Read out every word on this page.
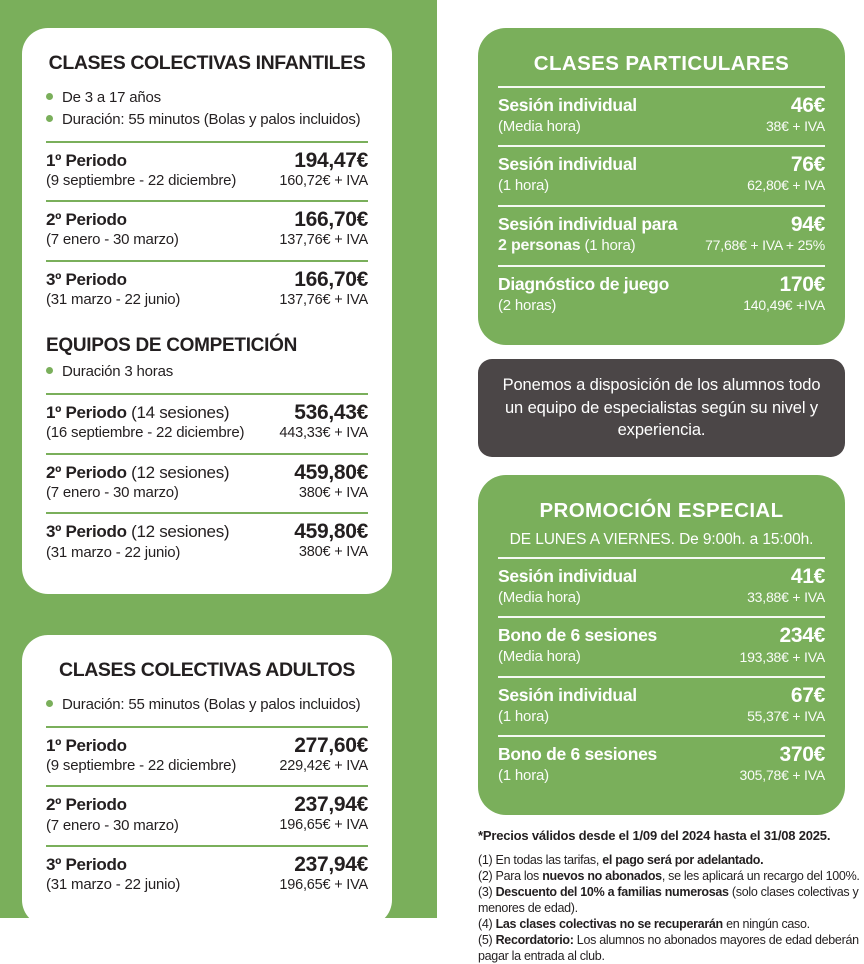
CLASES COLECTIVAS INFANTILES
De 3 a 17 años
Duración: 55 minutos (Bolas y palos incluidos)
1º Periodo
(9 septiembre - 22 diciembre)
194,47€
160,72€ + IVA
2º Periodo
(7 enero - 30 marzo)
166,70€
137,76€ + IVA
3º Periodo
(31 marzo - 22 junio)
166,70€
137,76€ + IVA
EQUIPOS DE COMPETICIÓN
Duración 3 horas
1º Periodo (14 sesiones)
(16 septiembre - 22 diciembre)
536,43€
443,33€ + IVA
2º Periodo (12 sesiones)
(7 enero - 30 marzo)
459,80€
380€ + IVA
3º Periodo (12 sesiones)
(31 marzo - 22 junio)
459,80€
380€ + IVA
CLASES COLECTIVAS ADULTOS
Duración: 55 minutos (Bolas y palos incluidos)
1º Periodo
(9 septiembre - 22 diciembre)
277,60€
229,42€ + IVA
2º Periodo
(7 enero - 30 marzo)
237,94€
196,65€ + IVA
3º Periodo
(31 marzo - 22 junio)
237,94€
196,65€ + IVA
CLASES PARTICULARES
Sesión individual
(Media hora)
46€
38€ + IVA
Sesión individual
(1 hora)
76€
62,80€ + IVA
Sesión individual para
2 personas (1 hora)
94€
77,68€ + IVA + 25%
Diagnóstico de juego
(2 horas)
170€
140,49€ +IVA

Ponemos a disposición de los alumnos todo un equipo de especialistas según su nivel y experiencia.

PROMOCIÓN ESPECIAL

DE LUNES A VIERNES. De 9:00h. a 15:00h.

Sesión individual
(Media hora)
41€
33,88€ + IVA
Bono de 6 sesiones
(Media hora)
234€
193,38€ + IVA
Sesión individual
(1 hora)
67€
55,37€ + IVA
Bono de 6 sesiones
(1 hora)
370€
305,78€ + IVA

*Precios válidos desde el 1/09 del 2024 hasta el 31/08 2025.

(1) En todas las tarifas, el pago será por adelantado.

(2) Para los nuevos no abonados, se les aplicará un recargo del 100%.

(3) Descuento del 10% a familias numerosas (solo clases colectivas y menores de edad).

(4) Las clases colectivas no se recuperarán en ningún caso.

(5) Recordatorio: Los alumnos no abonados mayores de edad deberán pagar la entrada al club.
